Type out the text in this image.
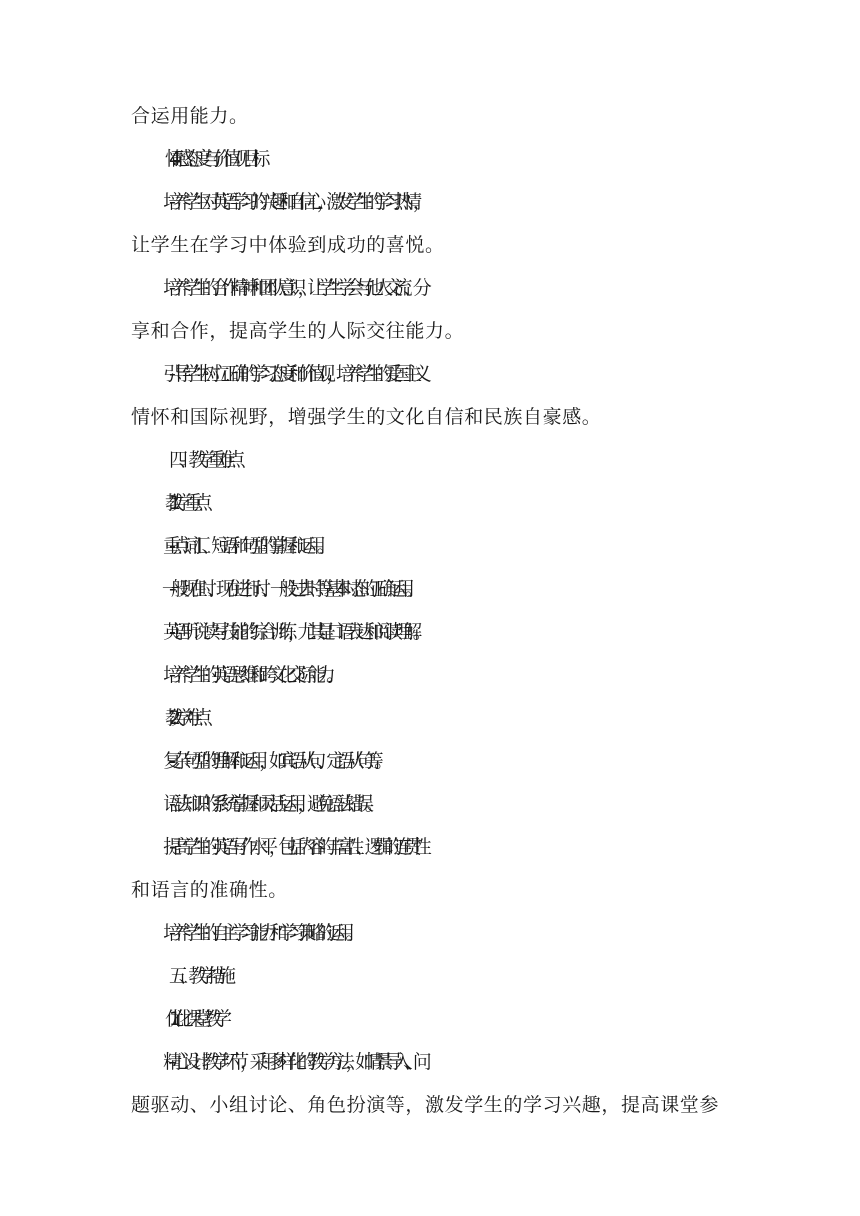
合运用能力。

4. 情感态度与价值观目标

- 培养学生对英语学习的兴趣和自信心，激发学生的学习热情，

让学生在学习中体验到成功的喜悦。

- 培养学生的合作精神和团队意识，让学生学会与他人交流、分

享和合作，提高学生的人际交往能力。

- 引导学生树立正确的学习态度和价值观，培养学生的爱国主义

情怀和国际视野，增强学生的文化自信和民族自豪感。

四、教学重难点

1. 教学重点

- 重点词汇、短语和句型的掌握和运用。

- 一般现在时、现在进行时、一般过去时等基本时态的正确运用。

- 英语听说读写技能的综合训练，尤其是口语表达和阅读理解。

- 培养学生的英语思维和跨文化交际能力。

2. 教学难点

- 复杂句型的理解和运用，如宾语从句、定语从句等。

- 语法知识的系统掌握和灵活运用，避免语法错误。

- 提高学生的英语写作水平，包括内容的丰富性、逻辑的连贯性

和语言的准确性。

- 培养学生的自主学习能力和学习策略的运用。

五、教学措施

1. 优化课堂教学

- 精心设计教学环节，采用多样化的教学方法，如情景导入、问

题驱动、小组讨论、角色扮演等，激发学生的学习兴趣，提高课堂参
